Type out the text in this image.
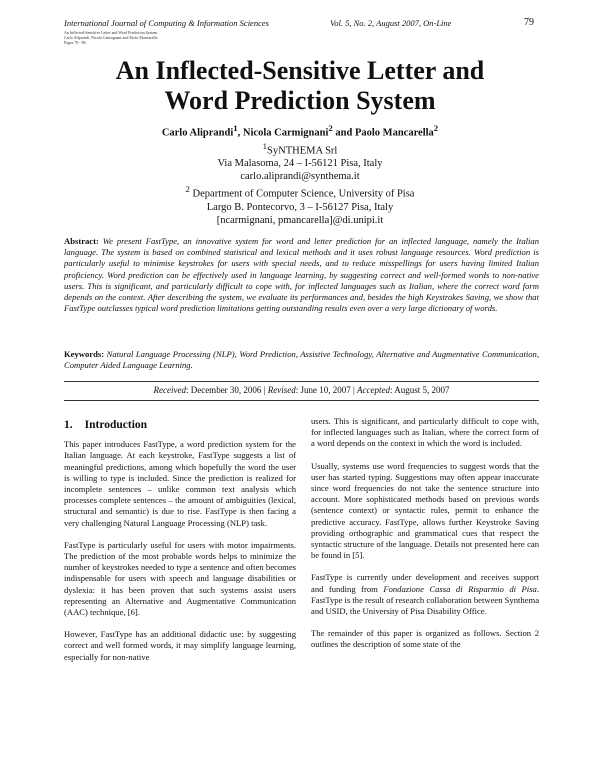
International Journal of Computing & Information Sciences	Vol. 5, No. 2, August 2007, On-Line	79
An Inflected-Sensitive Letter and Word Prediction System
Carlo Aliprandi, Nicola Carmignani and Paolo Mancarella
Pages 79 - 86
An Inflected-Sensitive Letter and
Word Prediction System
Carlo Aliprandi$^1$, Nicola Carmignani$^2$ and Paolo Mancarella$^2$
$^1$SyNTHEMA Srl
Via Malasoma, 24 – I-56121 Pisa, Italy
carlo.aliprandi@synthema.it
$^2$ Department of Computer Science, University of Pisa
Largo B. Pontecorvo, 3 – I-56127 Pisa, Italy
[ncarmignani, pmancarella]@di.unipi.it
Abstract: We present FastType, an innovative system for word and letter prediction for an inflected language, namely the Italian language. The system is based on combined statistical and lexical methods and it uses robust language resources. Word prediction is particularly useful to minimise keystrokes for users with special needs, and to reduce misspellings for users having limited Italian proficiency. Word prediction can be effectively used in language learning, by suggesting correct and well-formed words to non-native users. This is significant, and particularly difficult to cope with, for inflected languages such as Italian, where the correct word form depends on the context. After describing the system, we evaluate its performances and, besides the high Keystrokes Saving, we show that FastType outclasses typical word prediction limitations getting outstanding results even over a very large dictionary of words.
Keywords: Natural Language Processing (NLP), Word Prediction, Assistive Technology, Alternative and Augmentative Communication, Computer Aided Language Learning.
Received: December 30, 2006 | Revised: June 10, 2007 | Accepted: August 5, 2007
1. Introduction

This paper introduces FastType, a word prediction system for the Italian language. At each keystroke, FastType suggests a list of meaningful predictions, among which hopefully the word the user is willing to type is included. Since the prediction is realized for incomplete sentences – unlike common text analysis which processes complete sentences – the amount of ambiguities (lexical, structural and semantic) is due to rise. FastType is then facing a very challenging Natural Language Processing (NLP) task.

FastType is particularly useful for users with motor impairments. The prediction of the most probable words helps to minimize the number of keystrokes needed to type a sentence and often becomes indispensable for users with speech and language disabilities or dyslexia: it has been proven that such systems assist users representing an Alternative and Augmentative Communication (AAC) technique, [6].

However, FastType has an additional didactic use: by suggesting correct and well formed words, it may simplify language learning, especially for non-native

users. This is significant, and particularly difficult to cope with, for inflected languages such as Italian, where the correct form of a word depends on the context in which the word is included.

Usually, systems use word frequencies to suggest words that the user has started typing. Suggestions may often appear inaccurate since word frequencies do not take the sentence structure into account. More sophisticated methods based on previous words (sentence context) or syntactic rules, permit to enhance the predictive accuracy. FastType, allows further Keystroke Saving providing orthographic and grammatical cues that respect the syntactic structure of the language. Details not presented here can be found in [5].

FastType is currently under development and receives support and funding from Fondazione Cassa di Risparmio di Pisa. FastType is the result of research collaboration between Synthema and USID, the University of Pisa Disability Office.

The remainder of this paper is organized as follows. Section 2 outlines the description of some state of the
